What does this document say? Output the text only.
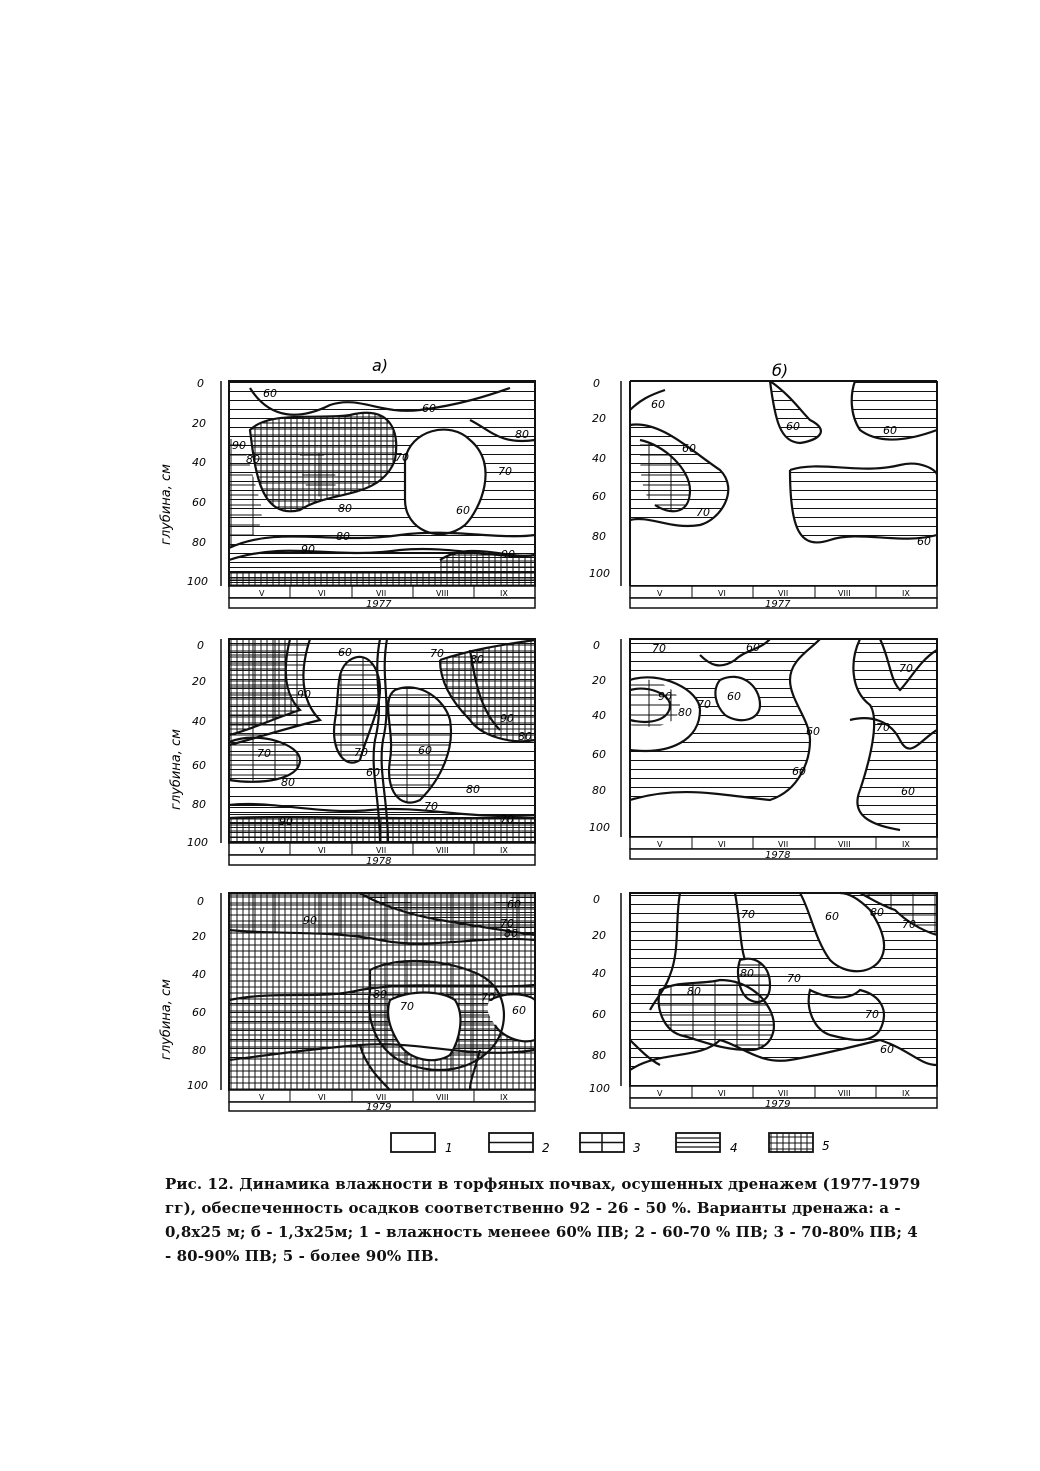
а)	б)
V	VI	VII	VIII	IX
1977
60
60
80
80
90
70
60
80
70
80
90	90
V	VI	VII	VIII	IX
1977
60
60
60	60
60
70
V	VI	VII	VIII	IX
1978
60	70 80
90
70
80
70
60
60
70
80
90
80
70
90
V	VI	VII	VIII	IX
1978
70	60
90
80
70
60
60
60
70
70
60
V	VI	VII	VIII	IX
1979
90
60
70
80
80
70
70
60
V	VI	VII	VIII	IX
1979
70	60	80
70
80	70
80
70
60
0
20
40
60
80
100
глубина, см
0
20
40
60
80
100
0
20
40
60
80
100
глубина, см
0
20
40
60
80
100
0
20
40
60
80
100
глубина, см
0
20
40
60
80
100
1	2	3	4	5
Рис. 12. Динамика влажности в торфяных почвах, осушенных дренажем (1977-1979 гг), обеспеченность осадков соответственно 92 - 26 - 50 %. Варианты дренажа: а - 0,8х25 м; б - 1,3х25м; 1 - влажность менеее 60% ПВ; 2 - 60-70 % ПВ; 3 - 70-80% ПВ; 4 - 80-90% ПВ; 5 - более 90% ПВ.
